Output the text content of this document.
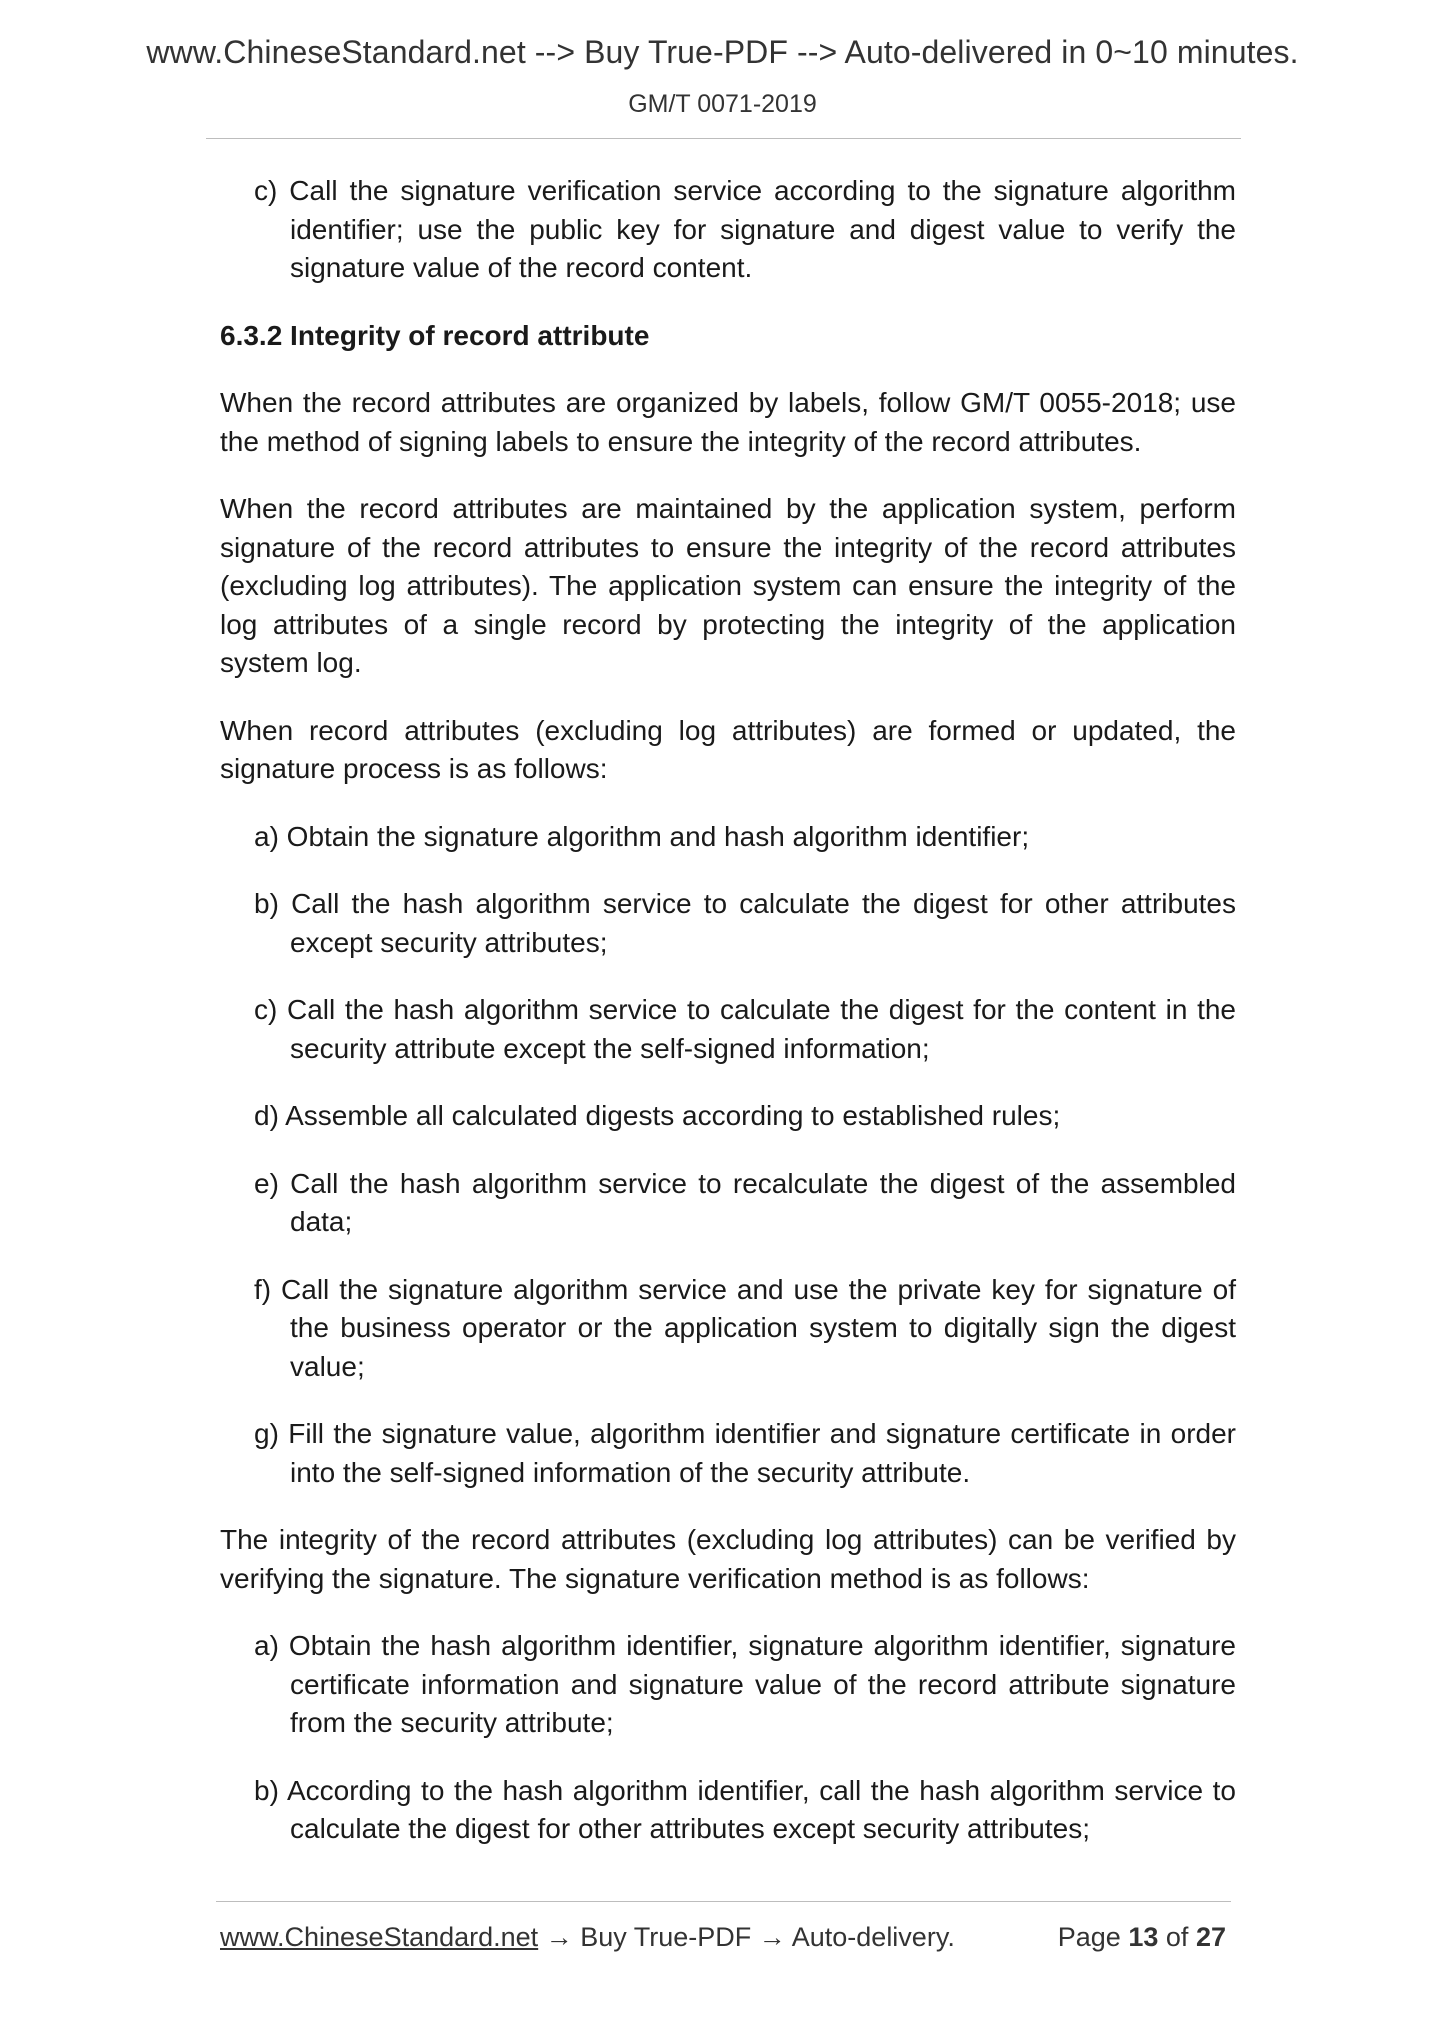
www.ChineseStandard.net --> Buy True-PDF --> Auto-delivered in 0~10 minutes.
GM/T 0071-2019

c) Call the signature verification service according to the signature algorithm identifier; use the public key for signature and digest value to verify the signature value of the record content.

6.3.2 Integrity of record attribute

When the record attributes are organized by labels, follow GM/T 0055-2018; use the method of signing labels to ensure the integrity of the record attributes.

When the record attributes are maintained by the application system, perform signature of the record attributes to ensure the integrity of the record attributes (excluding log attributes). The application system can ensure the integrity of the log attributes of a single record by protecting the integrity of the application system log.

When record attributes (excluding log attributes) are formed or updated, the signature process is as follows:

a) Obtain the signature algorithm and hash algorithm identifier;

b) Call the hash algorithm service to calculate the digest for other attributes except security attributes;

c) Call the hash algorithm service to calculate the digest for the content in the security attribute except the self-signed information;

d) Assemble all calculated digests according to established rules;

e) Call the hash algorithm service to recalculate the digest of the assembled data;

f) Call the signature algorithm service and use the private key for signature of the business operator or the application system to digitally sign the digest value;

g) Fill the signature value, algorithm identifier and signature certificate in order into the self-signed information of the security attribute.

The integrity of the record attributes (excluding log attributes) can be verified by verifying the signature. The signature verification method is as follows:

a) Obtain the hash algorithm identifier, signature algorithm identifier, signature certificate information and signature value of the record attribute signature from the security attribute;

b) According to the hash algorithm identifier, call the hash algorithm service to calculate the digest for other attributes except security attributes;

www.ChineseStandard.net → Buy True-PDF → Auto-delivery.	Page 13 of 27
